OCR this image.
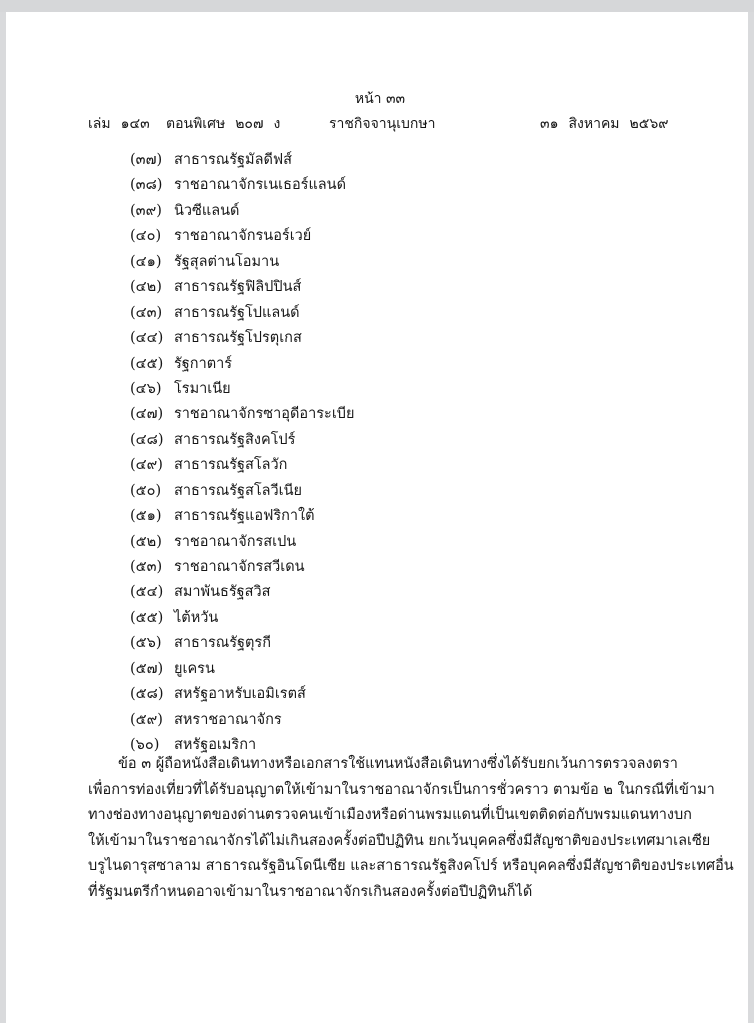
หน้า ๓๓
เล่ม ๑๔๓ ตอนพิเศษ ๒๐๗ ง	ราชกิจจานุเบกษา	๓๑ สิงหาคม ๒๕๖๙
(๓๗) สาธารณรัฐมัลดีฟส์
(๓๘) ราชอาณาจักรเนเธอร์แลนด์
(๓๙) นิวซีแลนด์
(๔๐) ราชอาณาจักรนอร์เวย์
(๔๑) รัฐสุลต่านโอมาน
(๔๒) สาธารณรัฐฟิลิปปินส์
(๔๓) สาธารณรัฐโปแลนด์
(๔๔) สาธารณรัฐโปรตุเกส
(๔๕) รัฐกาตาร์
(๔๖) โรมาเนีย
(๔๗) ราชอาณาจักรซาอุดีอาระเบีย
(๔๘) สาธารณรัฐสิงคโปร์
(๔๙) สาธารณรัฐสโลวัก
(๕๐) สาธารณรัฐสโลวีเนีย
(๕๑) สาธารณรัฐแอฟริกาใต้
(๕๒) ราชอาณาจักรสเปน
(๕๓) ราชอาณาจักรสวีเดน
(๕๔) สมาพันธรัฐสวิส
(๕๕) ไต้หวัน
(๕๖) สาธารณรัฐตุรกี
(๕๗) ยูเครน
(๕๘) สหรัฐอาหรับเอมิเรตส์
(๕๙) สหราชอาณาจักร
(๖๐) สหรัฐอเมริกา
ข้อ ๓ ผู้ถือหนังสือเดินทางหรือเอกสารใช้แทนหนังสือเดินทางซึ่งได้รับยกเว้นการตรวจลงตรา
เพื่อการท่องเที่ยวที่ได้รับอนุญาตให้เข้ามาในราชอาณาจักรเป็นการชั่วคราว ตามข้อ ๒ ในกรณีที่เข้ามา
ทางช่องทางอนุญาตของด่านตรวจคนเข้าเมืองหรือด่านพรมแดนที่เป็นเขตติดต่อกับพรมแดนทางบก
ให้เข้ามาในราชอาณาจักรได้ไม่เกินสองครั้งต่อปีปฏิทิน ยกเว้นบุคคลซึ่งมีสัญชาติของประเทศมาเลเซีย
บรูไนดารุสซาลาม สาธารณรัฐอินโดนีเซีย และสาธารณรัฐสิงคโปร์ หรือบุคคลซึ่งมีสัญชาติของประเทศอื่น
ที่รัฐมนตรีกำหนดอาจเข้ามาในราชอาณาจักรเกินสองครั้งต่อปีปฏิทินก็ได้
